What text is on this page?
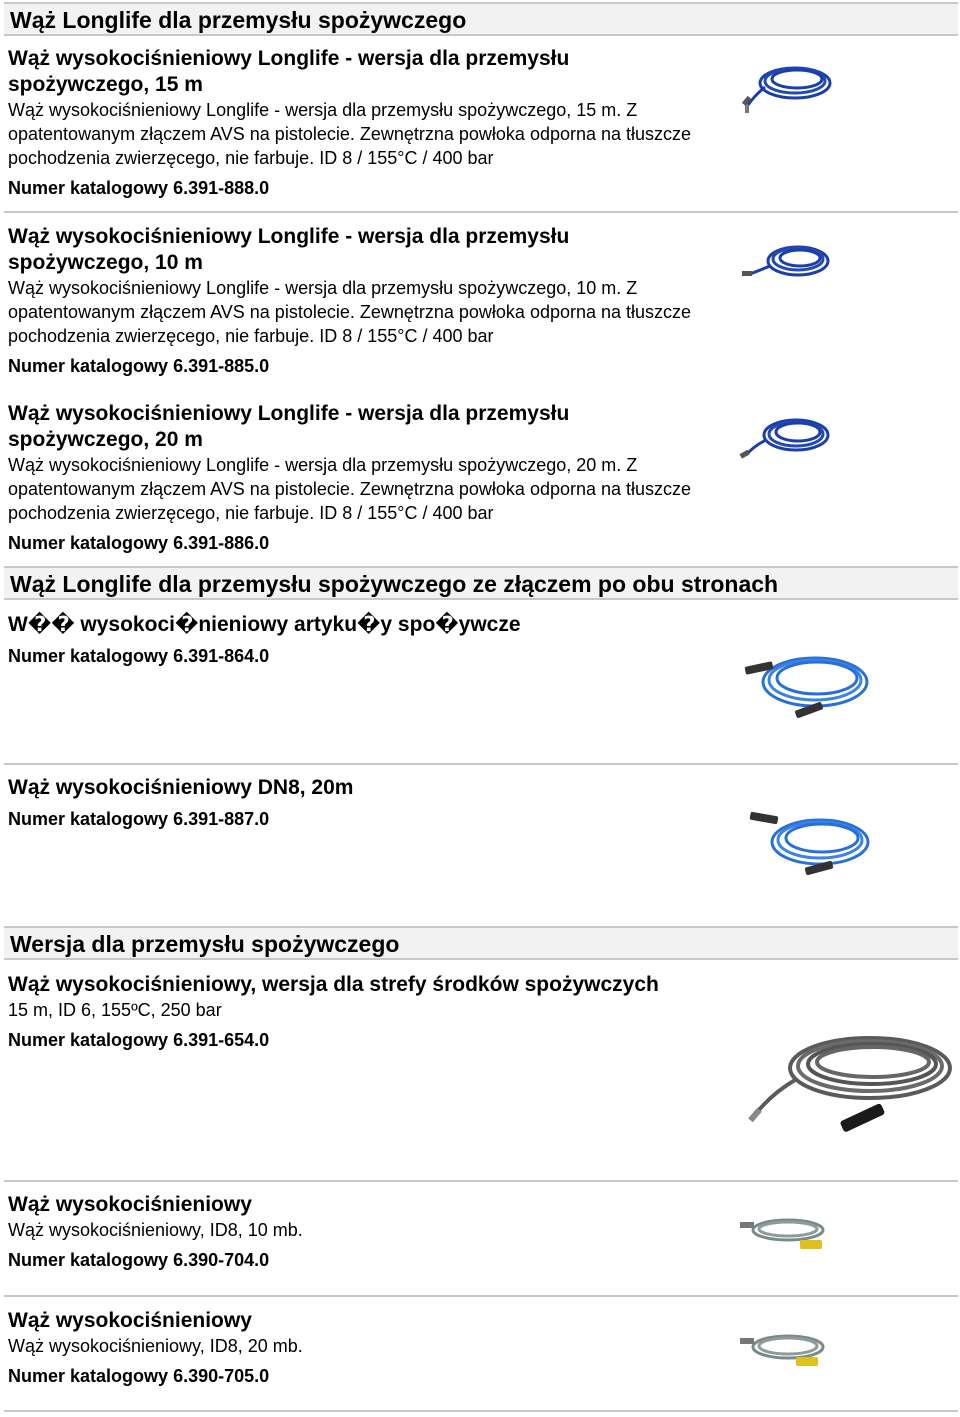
Wąż Longlife dla przemysłu spożywczego
Wąż wysokociśnieniowy Longlife - wersja dla przemysłu spożywczego, 15 m
Wąż wysokociśnieniowy Longlife - wersja dla przemysłu spożywczego, 15 m. Z opatentowanym złączem AVS na pistolecie. Zewnętrzna powłoka odporna na tłuszcze pochodzenia zwierzęcego, nie farbuje. ID 8 / 155°C / 400 bar
Numer katalogowy 6.391-888.0
Wąż wysokociśnieniowy Longlife - wersja dla przemysłu spożywczego, 10 m
Wąż wysokociśnieniowy Longlife - wersja dla przemysłu spożywczego, 10 m. Z opatentowanym złączem AVS na pistolecie. Zewnętrzna powłoka odporna na tłuszcze pochodzenia zwierzęcego, nie farbuje. ID 8 / 155°C / 400 bar
Numer katalogowy 6.391-885.0
Wąż wysokociśnieniowy Longlife - wersja dla przemysłu spożywczego, 20 m
Wąż wysokociśnieniowy Longlife - wersja dla przemysłu spożywczego, 20 m. Z opatentowanym złączem AVS na pistolecie. Zewnętrzna powłoka odporna na tłuszcze pochodzenia zwierzęcego, nie farbuje. ID 8 / 155°C / 400 bar
Numer katalogowy 6.391-886.0
Wąż Longlife dla przemysłu spożywczego ze złączem po obu stronach
W�� wysokoci�nieniowy artyku�y spo�ywcze
Numer katalogowy 6.391-864.0
Wąż wysokociśnieniowy DN8, 20m
Numer katalogowy 6.391-887.0
Wersja dla przemysłu spożywczego
Wąż wysokociśnieniowy, wersja dla strefy środków spożywczych
15 m, ID 6, 155ºC, 250 bar
Numer katalogowy 6.391-654.0
Wąż wysokociśnieniowy
Wąż wysokociśnieniowy, ID8, 10 mb.
Numer katalogowy 6.390-704.0
Wąż wysokociśnieniowy
Wąż wysokociśnieniowy, ID8, 20 mb.
Numer katalogowy 6.390-705.0
